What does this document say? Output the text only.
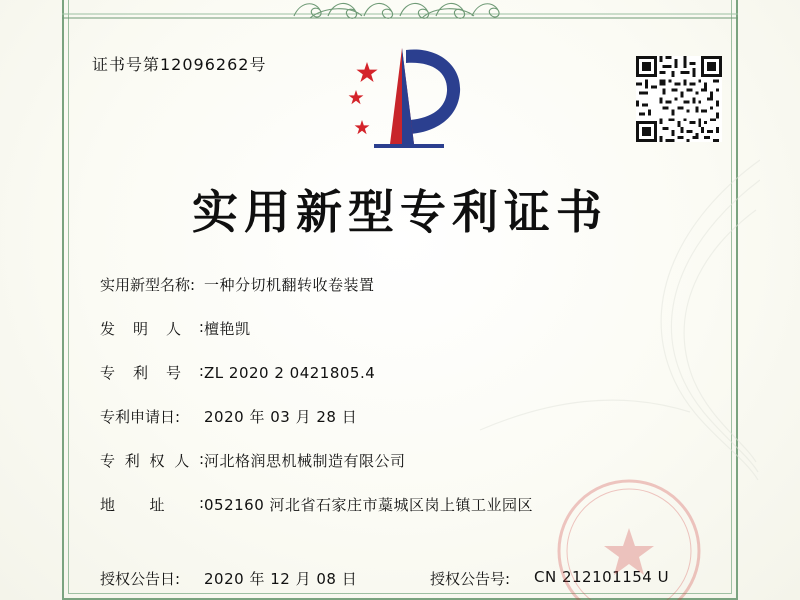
证书号第12096262号
实用新型专利证书
实用新型名称: 一种分切机翻转收卷装置
发 明 人 : 檀艳凯
专 利 号 : ZL 2020 2 0421805.4
专利申请日:	2020 年 03 月 28 日
专 利 权 人 : 河北格润思机械制造有限公司
地 址 : 052160 河北省石家庄市藁城区岗上镇工业园区
授权公告日:	2020 年 12 月 08 日	授权公告号:	CN 212101154 U
